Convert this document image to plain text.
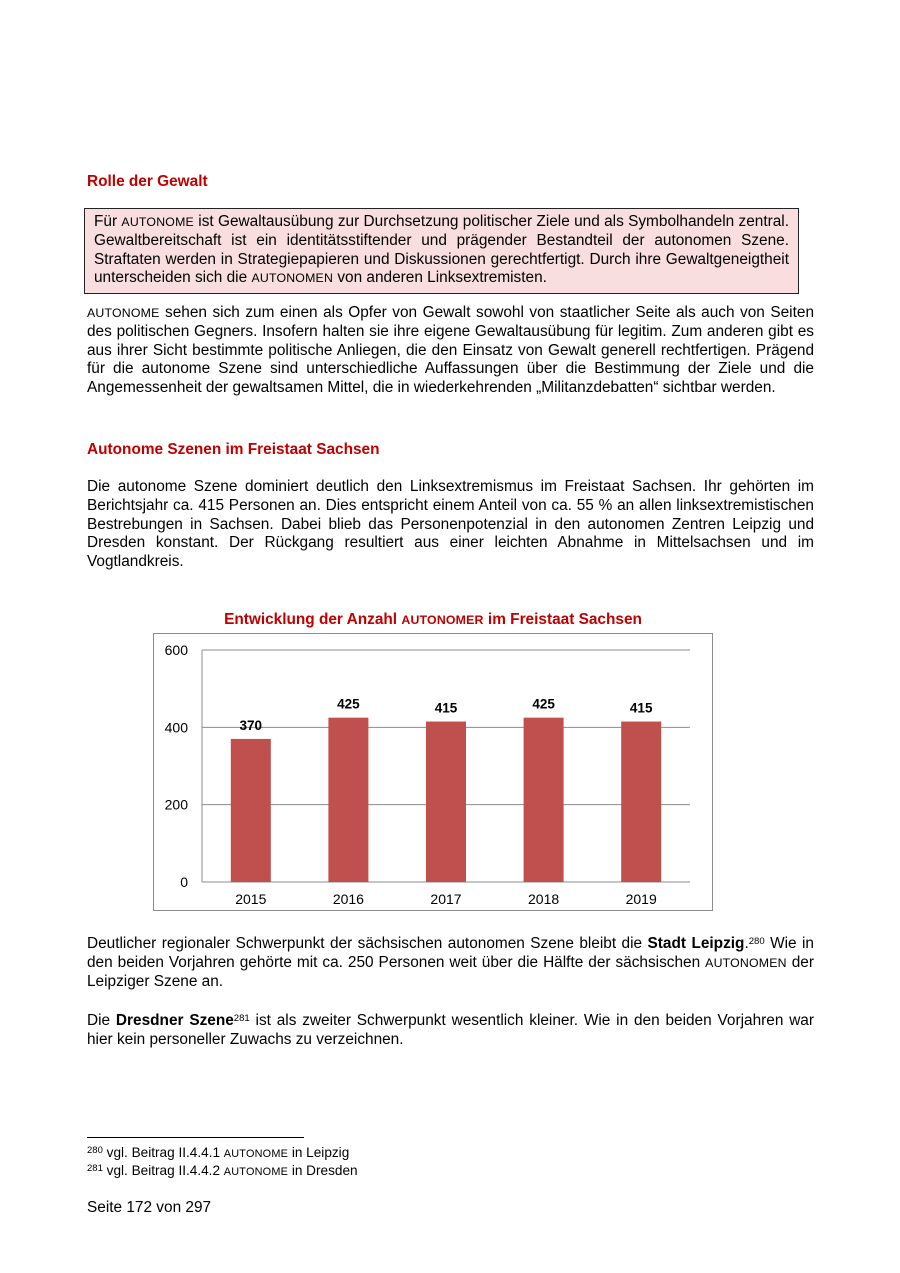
Rolle der Gewalt

Für AUTONOME ist Gewaltausübung zur Durchsetzung politischer Ziele und als Symbolhandeln zentral. Gewaltbereitschaft ist ein identitätsstiftender und prägender Bestandteil der autonomen Szene. Straftaten werden in Strategiepapieren und Diskussionen gerechtfertigt. Durch ihre Gewaltgeneigtheit unterscheiden sich die AUTONOMEN von anderen Linksextremisten.

AUTONOME sehen sich zum einen als Opfer von Gewalt sowohl von staatlicher Seite als auch von Seiten des politischen Gegners. Insofern halten sie ihre eigene Gewaltausübung für legitim. Zum anderen gibt es aus ihrer Sicht bestimmte politische Anliegen, die den Einsatz von Gewalt generell rechtfertigen. Prägend für die autonome Szene sind unterschiedliche Auffassungen über die Bestimmung der Ziele und die Angemessenheit der gewaltsamen Mittel, die in wiederkehrenden „Militanzdebatten“ sichtbar werden.

Autonome Szenen im Freistaat Sachsen

Die autonome Szene dominiert deutlich den Linksextremismus im Freistaat Sachsen. Ihr gehörten im Berichtsjahr ca. 415 Personen an. Dies entspricht einem Anteil von ca. 55 % an allen linksextremistischen Bestrebungen in Sachsen. Dabei blieb das Personenpotenzial in den autonomen Zentren Leipzig und Dresden konstant. Der Rückgang resultiert aus einer leichten Abnahme in Mittelsachsen und im Vogtlandkreis.

Entwicklung der Anzahl AUTONOMER im Freistaat Sachsen
0
200
400
600
370
2015
425
2016
415
2017
425
2018
415
2019

Deutlicher regionaler Schwerpunkt der sächsischen autonomen Szene bleibt die Stadt Leipzig.$^{280}$ Wie in den beiden Vorjahren gehörte mit ca. 250 Personen weit über die Hälfte der sächsischen AUTONOMEN der Leipziger Szene an.

Die Dresdner Szene$^{281}$ ist als zweiter Schwerpunkt wesentlich kleiner. Wie in den beiden Vorjahren war hier kein personeller Zuwachs zu verzeichnen.

$^{280}$ vgl. Beitrag II.4.4.1 AUTONOME in Leipzig

$^{281}$ vgl. Beitrag II.4.4.2 AUTONOME in Dresden

Seite 172 von 297
